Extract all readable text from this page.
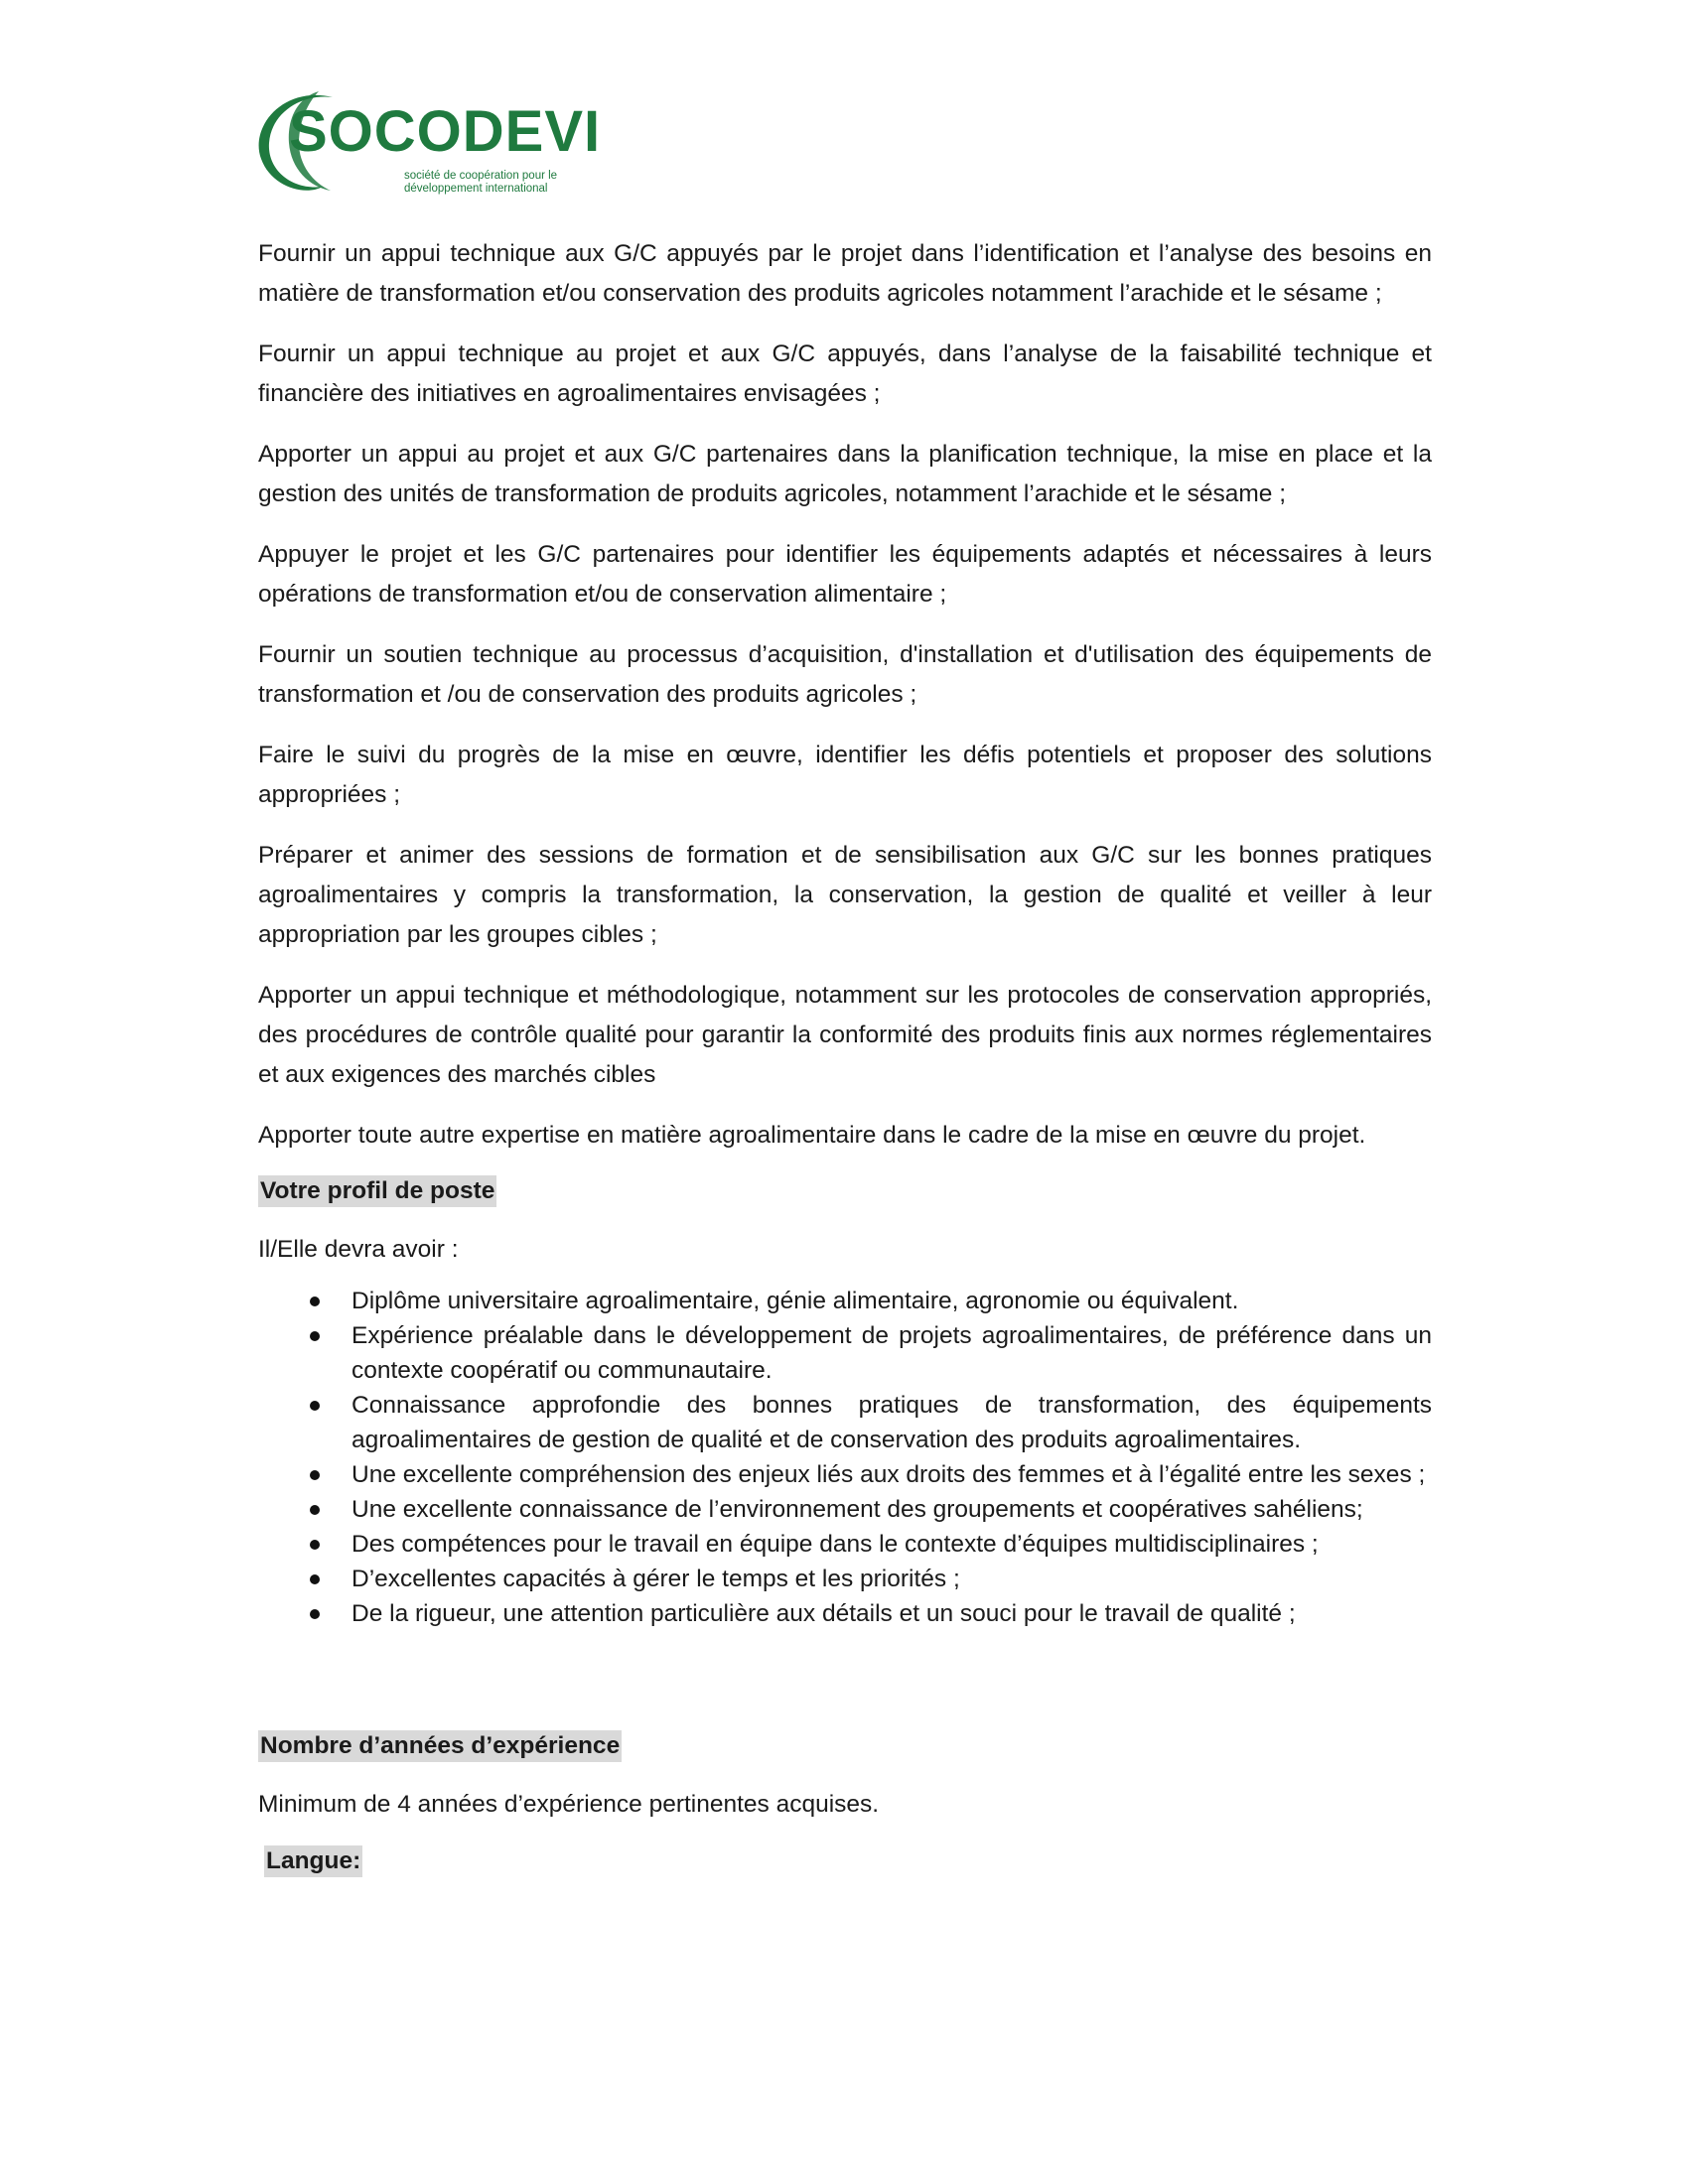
SOCODEVI
société de coopération pour le
développement international

Fournir un appui technique aux G/C appuyés par le projet dans l’identification et l’analyse des besoins en matière de transformation et/ou conservation des produits agricoles notamment l’arachide et le sésame ;

Fournir un appui technique au projet et aux G/C appuyés, dans l’analyse de la faisabilité technique et financière des initiatives en agroalimentaires envisagées ;

Apporter un appui au projet et aux G/C partenaires dans la planification technique, la mise en place et la gestion des unités de transformation de produits agricoles, notamment l’arachide et le sésame ;

Appuyer le projet et les G/C partenaires pour identifier les équipements adaptés et nécessaires à leurs opérations de transformation et/ou de conservation alimentaire ;

Fournir un soutien technique au processus d’acquisition, d'installation et d'utilisation des équipements de transformation et /ou de conservation des produits agricoles ;

Faire le suivi du progrès de la mise en œuvre, identifier les défis potentiels et proposer des solutions appropriées ;

Préparer et animer des sessions de formation et de sensibilisation aux G/C sur les bonnes pratiques agroalimentaires y compris la transformation, la conservation, la gestion de qualité et veiller à leur appropriation par les groupes cibles ;

Apporter un appui technique et méthodologique, notamment sur les protocoles de conservation appropriés, des procédures de contrôle qualité pour garantir la conformité des produits finis aux normes réglementaires et aux exigences des marchés cibles

Apporter toute autre expertise en matière agroalimentaire dans le cadre de la mise en œuvre du projet.

Votre profil de poste

Il/Elle devra avoir :

Diplôme universitaire agroalimentaire, génie alimentaire, agronomie ou équivalent.
Expérience préalable dans le développement de projets agroalimentaires, de préférence dans un contexte coopératif ou communautaire.
Connaissance approfondie des bonnes pratiques de transformation, des équipements agroalimentaires de gestion de qualité et de conservation des produits agroalimentaires.
Une excellente compréhension des enjeux liés aux droits des femmes et à l’égalité entre les sexes ;
Une excellente connaissance de l’environnement des groupements et coopératives sahéliens;
Des compétences pour le travail en équipe dans le contexte d’équipes multidisciplinaires ;
D’excellentes capacités à gérer le temps et les priorités ;
De la rigueur, une attention particulière aux détails et un souci pour le travail de qualité ;
Nombre d’années d’expérience

Minimum de 4 années d’expérience pertinentes acquises.

Langue:
